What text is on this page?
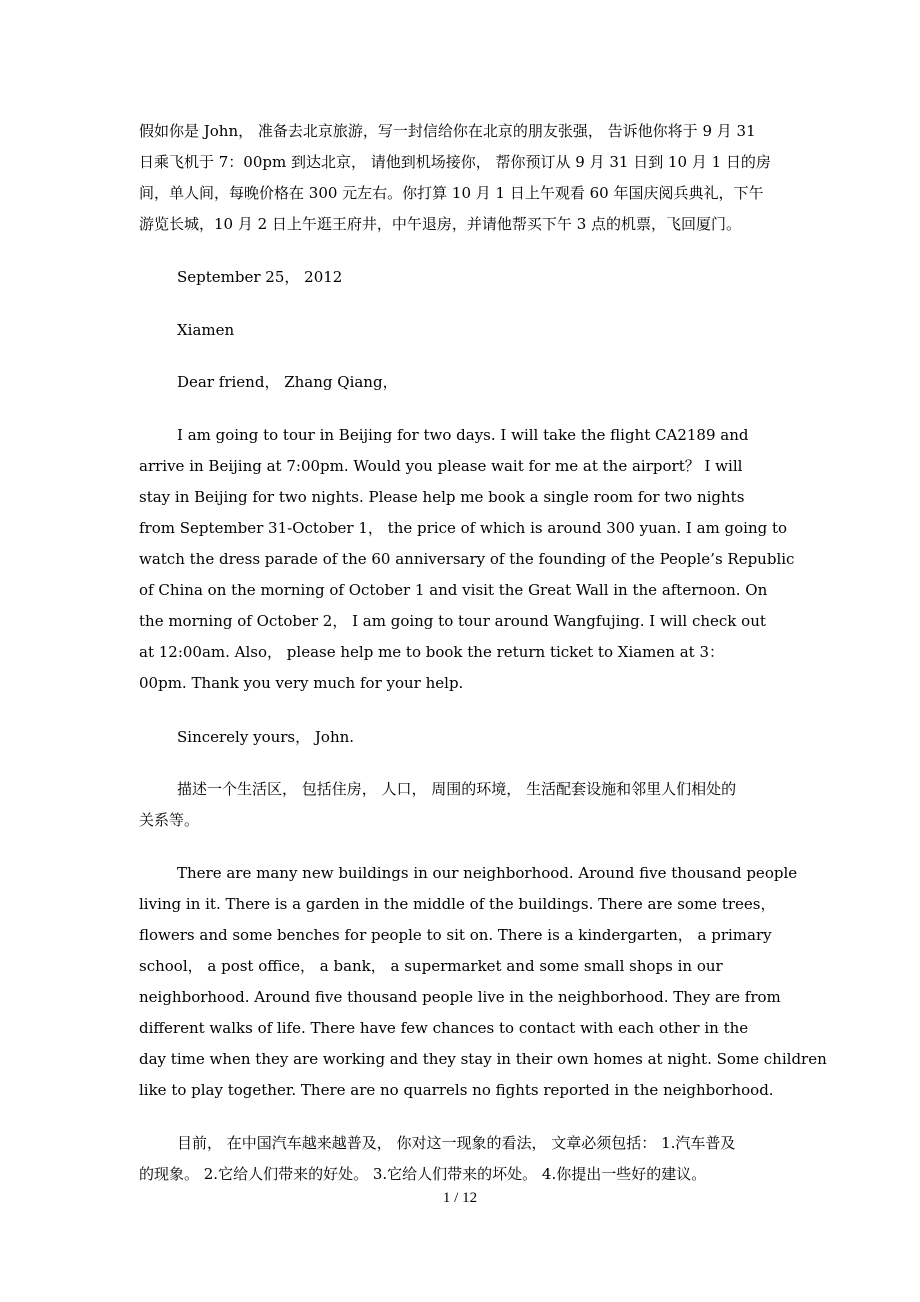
假如你是 John， 准备去北京旅游，写一封信给你在北京的朋友张强， 告诉他你将于 9 月 31
日乘飞机于 7：00pm 到达北京， 请他到机场接你， 帮你预订从 9 月 31 日到 10 月 1 日的房
间，单人间，每晚价格在 300 元左右。你打算 10 月 1 日上午观看 60 年国庆阅兵典礼，下午
游览长城，10 月 2 日上午逛王府井，中午退房，并请他帮买下午 3 点的机票，飞回厦门。
September 25， 2012
Xiamen
Dear friend， Zhang Qiang，
I am going to tour in Beijing for two days. I will take the flight CA2189 and
arrive in Beijing at 7:00pm. Would you please wait for me at the airport？ I will
stay in Beijing for two nights. Please help me book a single room for two nights
from September 31-October 1， the price of which is around 300 yuan. I am going to
watch the dress parade of the 60 anniversary of the founding of the People’s Republic
of China on the morning of October 1 and visit the Great Wall in the afternoon. On
the morning of October 2， I am going to tour around Wangfujing. I will check out
at 12:00am. Also， please help me to book the return ticket to Xiamen at 3：
00pm. Thank you very much for your help.
Sincerely yours， John.
描述一个生活区， 包括住房， 人口， 周围的环境， 生活配套设施和邻里人们相处的
关系等。
There are many new buildings in our neighborhood. Around five thousand people
living in it. There is a garden in the middle of the buildings. There are some trees，
flowers and some benches for people to sit on. There is a kindergarten， a primary
school， a post office， a bank， a supermarket and some small shops in our
neighborhood. Around five thousand people live in the neighborhood. They are from
different walks of life. There have few chances to contact with each other in the
day time when they are working and they stay in their own homes at night. Some children
like to play together. There are no quarrels no fights reported in the neighborhood.
目前， 在中国汽车越来越普及， 你对这一现象的看法， 文章必须包括： 1.汽车普及
的现象。 2.它给人们带来的好处。 3.它给人们带来的坏处。 4.你提出一些好的建议。
1 / 12
